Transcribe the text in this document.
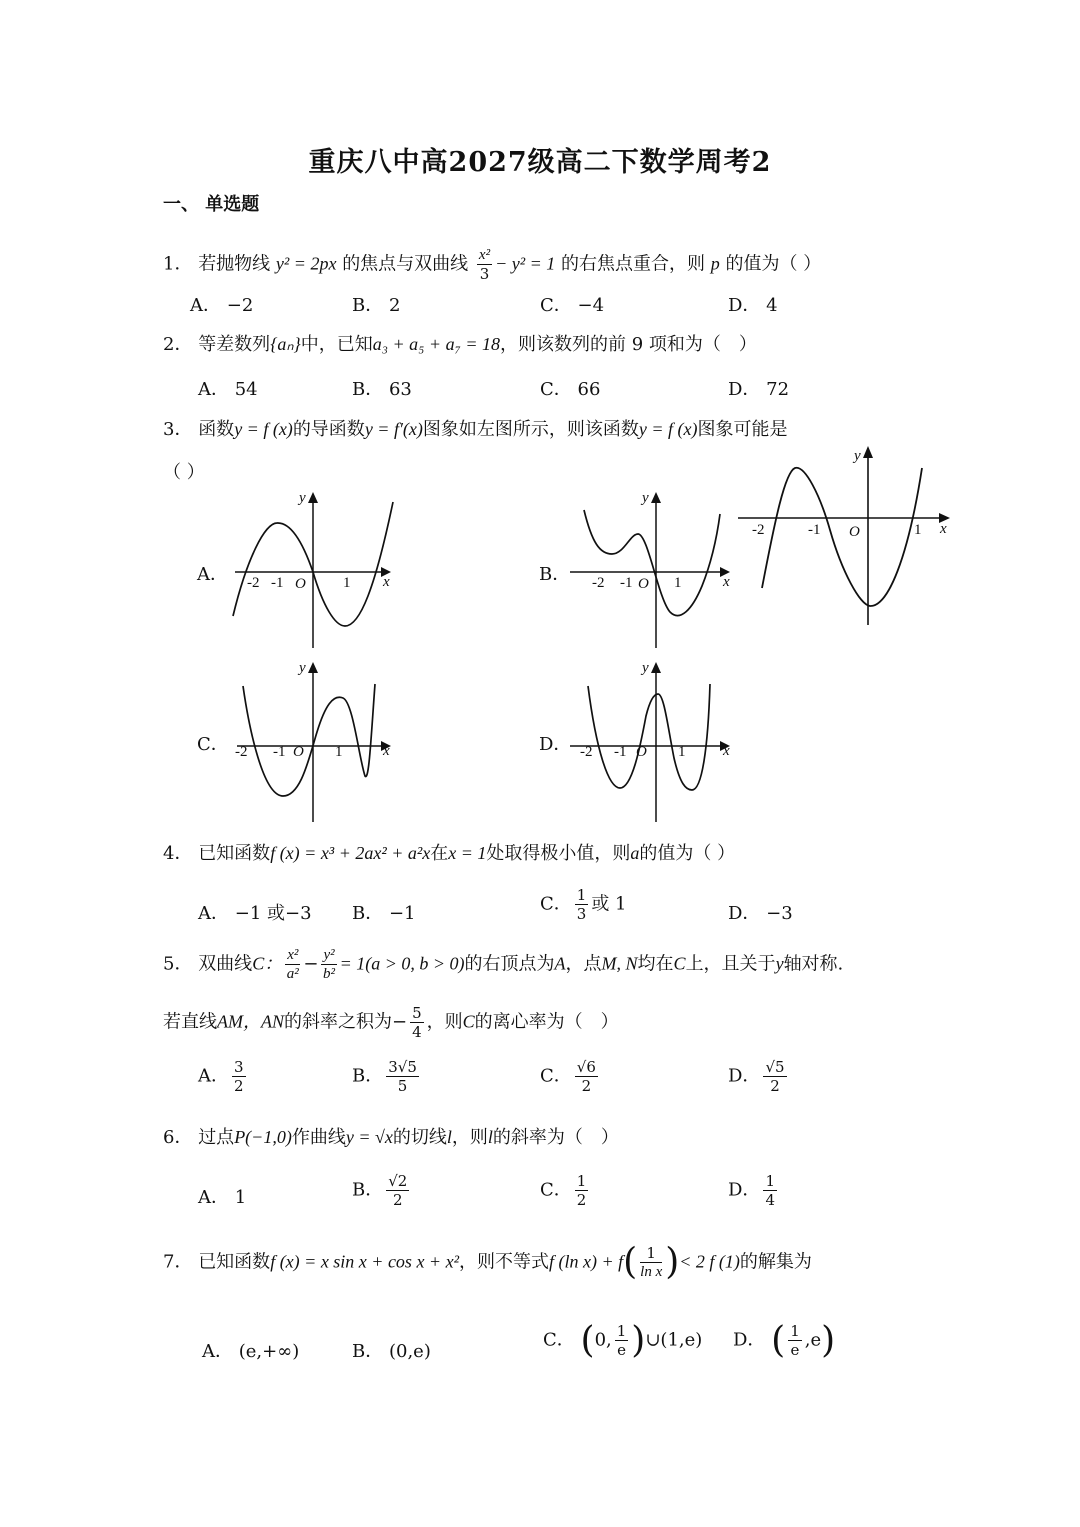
重庆八中高2027级高二下数学周考2
一、 单选题
1． 若抛物线 y² = 2px 的焦点与双曲线 $\frac{\text{x²}}{3} - y^2 = 1$ 的右焦点重合，则 p 的值为（ ）
A． −2	B． 2	C． −4	D． 4
2． 等差数列{aₙ}中，已知a₃ + a₅ + a₇ = 18，则该数列的前 9 项和为（　）
A． 54	B． 63	C． 66	D． 72
3． 函数y = f (x)的导函数y = f′(x)图象如左图所示，则该函数y = f (x)图象可能是
（ ）
A．	B．
C．	D．
-2	-1 O	1 x
y
-2 -1 O 1 x
y
-2 -1 O 1	x
y
-2 -1 O 1	x
y
-2 -1 O 1	x
y
4． 已知函数f (x) = x³ + 2ax² + a²x在x = 1处取得极小值，则a的值为（ ）
A． −1 或−3 B． −1	C． $\frac{1}{3}$ 或 1	D． −3
5． 双曲线C： $\frac{\text{x²}}{\text{a²}} - \frac{\text{y²}}{\text{b²}} = 1(a > 0$, b > 0)的右顶点为A，点M, N均在C上，且关于y轴对称.
若直线AM，AN的斜率之积为− $\frac{5}{4}$ ，则C的离心率为（　）
A． $\frac{3}{2}$	B． $\frac{3√5}{5}$	C． $\frac{√6}{2}$	D． $\frac{√5}{2}$
6． 过点P(−1,0)作曲线y = √x的切线l，则l的斜率为（　）
A． 1	B． $\frac{√2}{2}$	C． $\frac{1}{2}$	D． $\frac{1}{4}$
7． 已知函数f (x) = x sin x + cos x + x²，则不等式f (ln $x) + f( \frac{1}{\text{ln x}}$ )< 2 f (1)的解集为
A． (e,+∞)	B． (0,e)
C． (0, $\frac{1}{e}$ )∪(1,e) D． ( $\frac{1}{e} ,e$)
